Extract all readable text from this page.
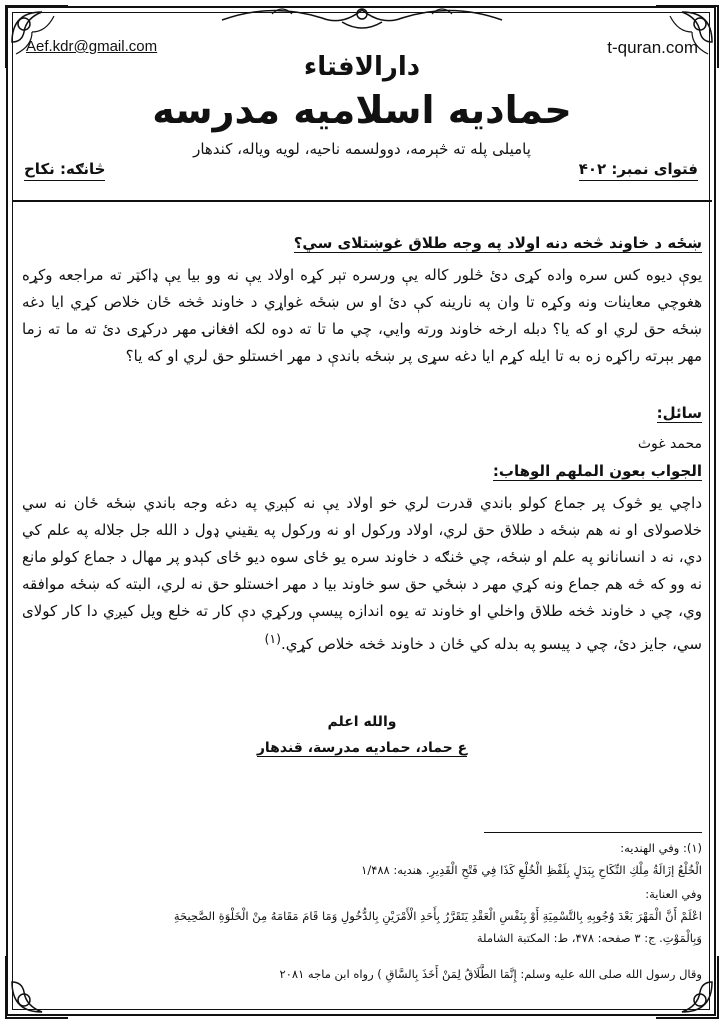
Aef.kdr@gmail.com	t-quran.com
دارالافتاء
حمادیه اسلامیه مدرسه
پامیلی پله ته څېرمه، دوولسمه ناحیه، لویه ویاله، کندهار
فتوای نمبر: ۴۰۲
څانګه: نکاح
ښځه د خاوند څخه دنه اولاد په وجه طلاق غوښتلای سي؟
یوې دیوه کس سره واده کړی دئ څلور کاله یې ورسره تېر کړه اولاد یې نه وو بیا یې ډاکټر ته مراجعه وکړه هغوچي معاینات ونه وکړه تا وان په نارینه کې دئ او س ښځه غواړي د خاوند څخه ځان خلاص کړي ایا دغه ښځه حق لري او که یا؟ دبله ارخه خاوند ورته وایي، چي ما تا ته دوه لکه افغانۍ مهر درکړی دئ ته ما ته زما مهر بېرته راکړه زه به تا ایله کړم ایا دغه سړی پر ښځه باندې د مهر اخستلو حق لري او که یا؟
سائل:
محمد غوث
الجواب بعون الملهم الوهاب:
داچي یو څوک پر جماع کولو باندي قدرت لري خو اولاد یې نه کېږي په دغه وجه باندي ښځه ځان نه سي خلاصولای او نه هم ښځه د طلاق حق لري، اولاد ورکول او نه ورکول په یقیني ډول د الله جل جلاله په علم کي دي، نه د انسانانو په علم او ښځه، چي څنګه د خاوند سره یو ځای سوه دیو ځای کېدو پر مهال د جماع کولو مانع نه وو که څه هم جماع ونه کړي مهر د ښځي حق سو خاوند بیا د مهر اخستلو حق نه لري، البته که ښځه موافقه وي، چي د خاوند څخه طلاق واخلي او خاوند ته یوه اندازه پیسې ورکړي دې کار ته خلع ویل کیږي دا کار کولای سي، جایز دئ، چي د پیسو په بدله کي ځان د خاوند څخه خلاص کړي.$^{(۱)}$
والله اعلم
ع حماد، حمادیه مدرسة، قندهار
(۱): وفي الهندیه:
الْخُلْعُ إزَالَةُ مِلْكِ النِّكَاحِ بِبَدَلٍ بِلَفْظِ الْخُلْعِ كَذَا فِي فَتْحِ الْقَدِيرِ. هندیه: ۱/۴۸۸
وفي العنایة:
اعْلَمْ أَنَّ الْمَهْرَ بَعْدَ وُجُوبِهِ بِالتَّسْمِيَةِ أَوْ بِنَفْسِ الْعَقْدِ يَتَقَرَّرُ بِأَحَدِ الْأَمْرَيْنِ بِالدُّخُولِ وَمَا قَامَ مَقَامَهُ مِنْ الْخَلْوَةِ الصَّحِيحَةِ
وَبِالْمَوْتِ. ج: ۳ صفحه: ۴۷۸، ط: المکتبة الشاملة
وقال رسول الله صلی الله علیه وسلم: إِنَّمَا الطَّلَاقُ لِمَنْ أَخَذَ بِالسَّاقِ ) رواه ابن ماجه ۲۰۸۱
